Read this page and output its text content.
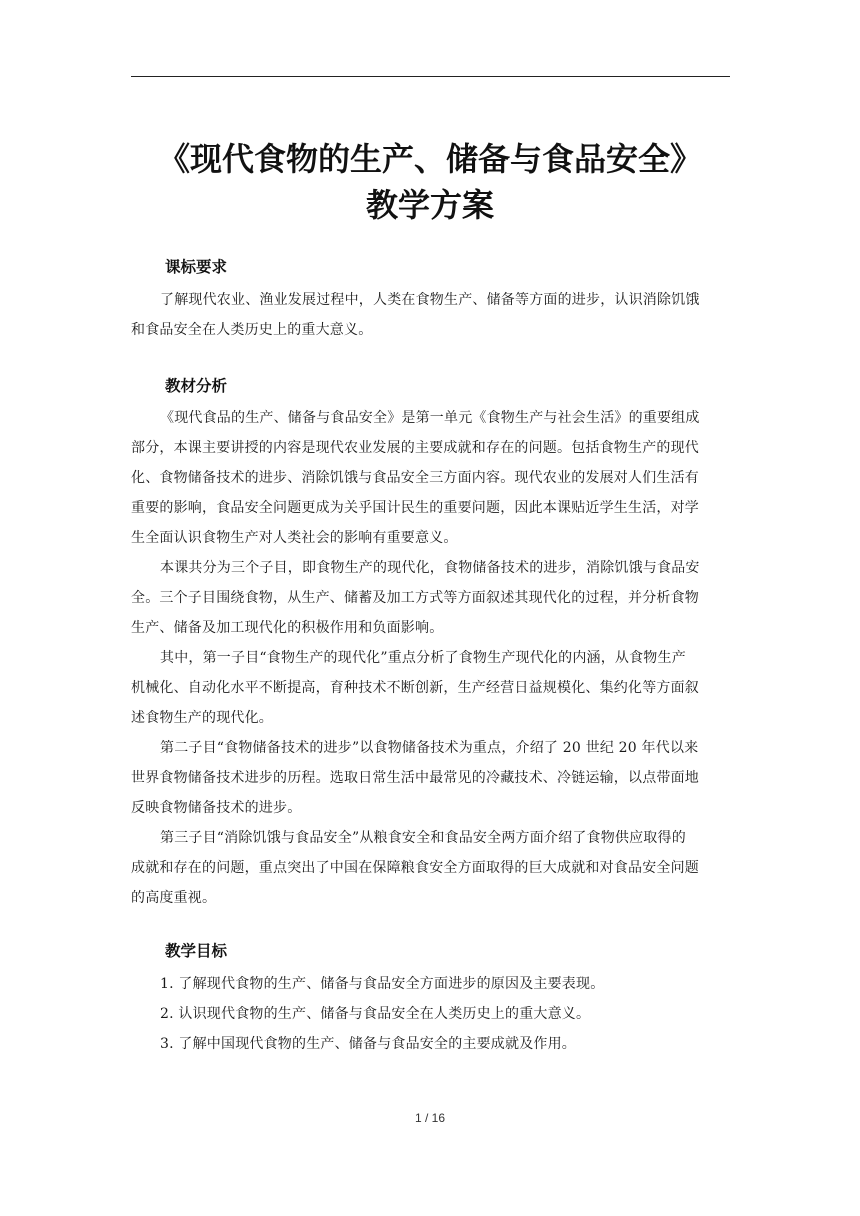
《现代食物的生产、储备与食品安全》
教学方案
课标要求
了解现代农业、渔业发展过程中，人类在食物生产、储备等方面的进步，认识消除饥饿
和食品安全在人类历史上的重大意义。
教材分析
《现代食品的生产、储备与食品安全》是第一单元《食物生产与社会生活》的重要组成
部分，本课主要讲授的内容是现代农业发展的主要成就和存在的问题。包括食物生产的现代
化、食物储备技术的进步、消除饥饿与食品安全三方面内容。现代农业的发展对人们生活有
重要的影响，食品安全问题更成为关乎国计民生的重要问题，因此本课贴近学生生活，对学
生全面认识食物生产对人类社会的影响有重要意义。
本课共分为三个子目，即食物生产的现代化，食物储备技术的进步，消除饥饿与食品安
全。三个子目围绕食物，从生产、储蓄及加工方式等方面叙述其现代化的过程，并分析食物
生产、储备及加工现代化的积极作用和负面影响。
其中，第一子目“食物生产的现代化”重点分析了食物生产现代化的内涵，从食物生产
机械化、自动化水平不断提高，育种技术不断创新，生产经营日益规模化、集约化等方面叙
述食物生产的现代化。
第二子目“食物储备技术的进步”以食物储备技术为重点，介绍了 20 世纪 20 年代以来
世界食物储备技术进步的历程。选取日常生活中最常见的冷藏技术、冷链运输，以点带面地
反映食物储备技术的进步。
第三子目“消除饥饿与食品安全”从粮食安全和食品安全两方面介绍了食物供应取得的
成就和存在的问题，重点突出了中国在保障粮食安全方面取得的巨大成就和对食品安全问题
的高度重视。
教学目标
1. 了解现代食物的生产、储备与食品安全方面进步的原因及主要表现。
2. 认识现代食物的生产、储备与食品安全在人类历史上的重大意义。
3. 了解中国现代食物的生产、储备与食品安全的主要成就及作用。
1 / 16
